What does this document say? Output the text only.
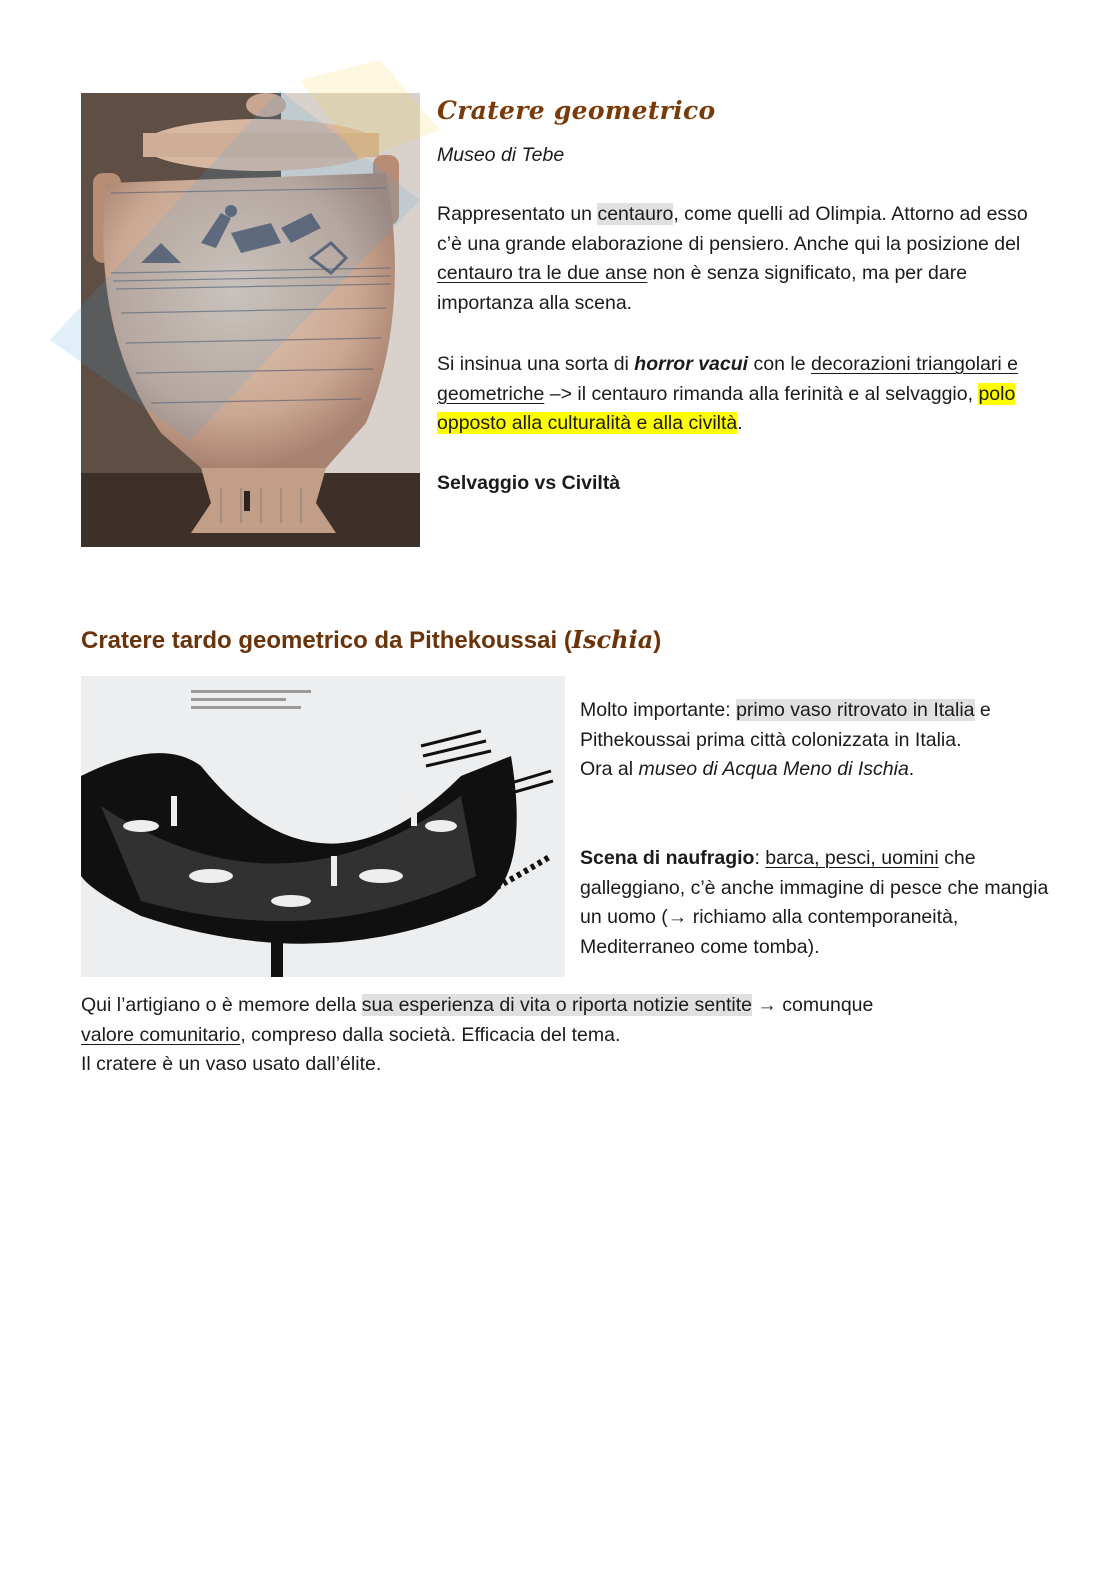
Cratere geometrico
Museo di Tebe

Rappresentato un centauro, come quelli ad Olimpia. Attorno ad esso c’è una grande elaborazione di pensiero. Anche qui la posizione del centauro tra le due anse non è senza significato, ma per dare importanza alla scena.

Si insinua una sorta di horror vacui con le decorazioni triangolari e geometriche –> il centauro rimanda alla ferinità e al selvaggio, polo opposto alla culturalità e alla civiltà.

Selvaggio vs Civiltà

Cratere tardo geometrico da Pithekoussai (Ischia)

Molto importante: primo vaso ritrovato in Italia e Pithekoussai prima città colonizzata in Italia.
Ora al museo di Acqua Meno di Ischia.

Scena di naufragio: barca, pesci, uomini che galleggiano, c’è anche immagine di pesce che mangia un uomo (→ richiamo alla contemporaneità, Mediterraneo come tomba).

Qui l’artigiano o è memore della sua esperienza di vita o riporta notizie sentite → comunque
valore comunitario, compreso dalla società. Efficacia del tema.
Il cratere è un vaso usato dall’élite.
